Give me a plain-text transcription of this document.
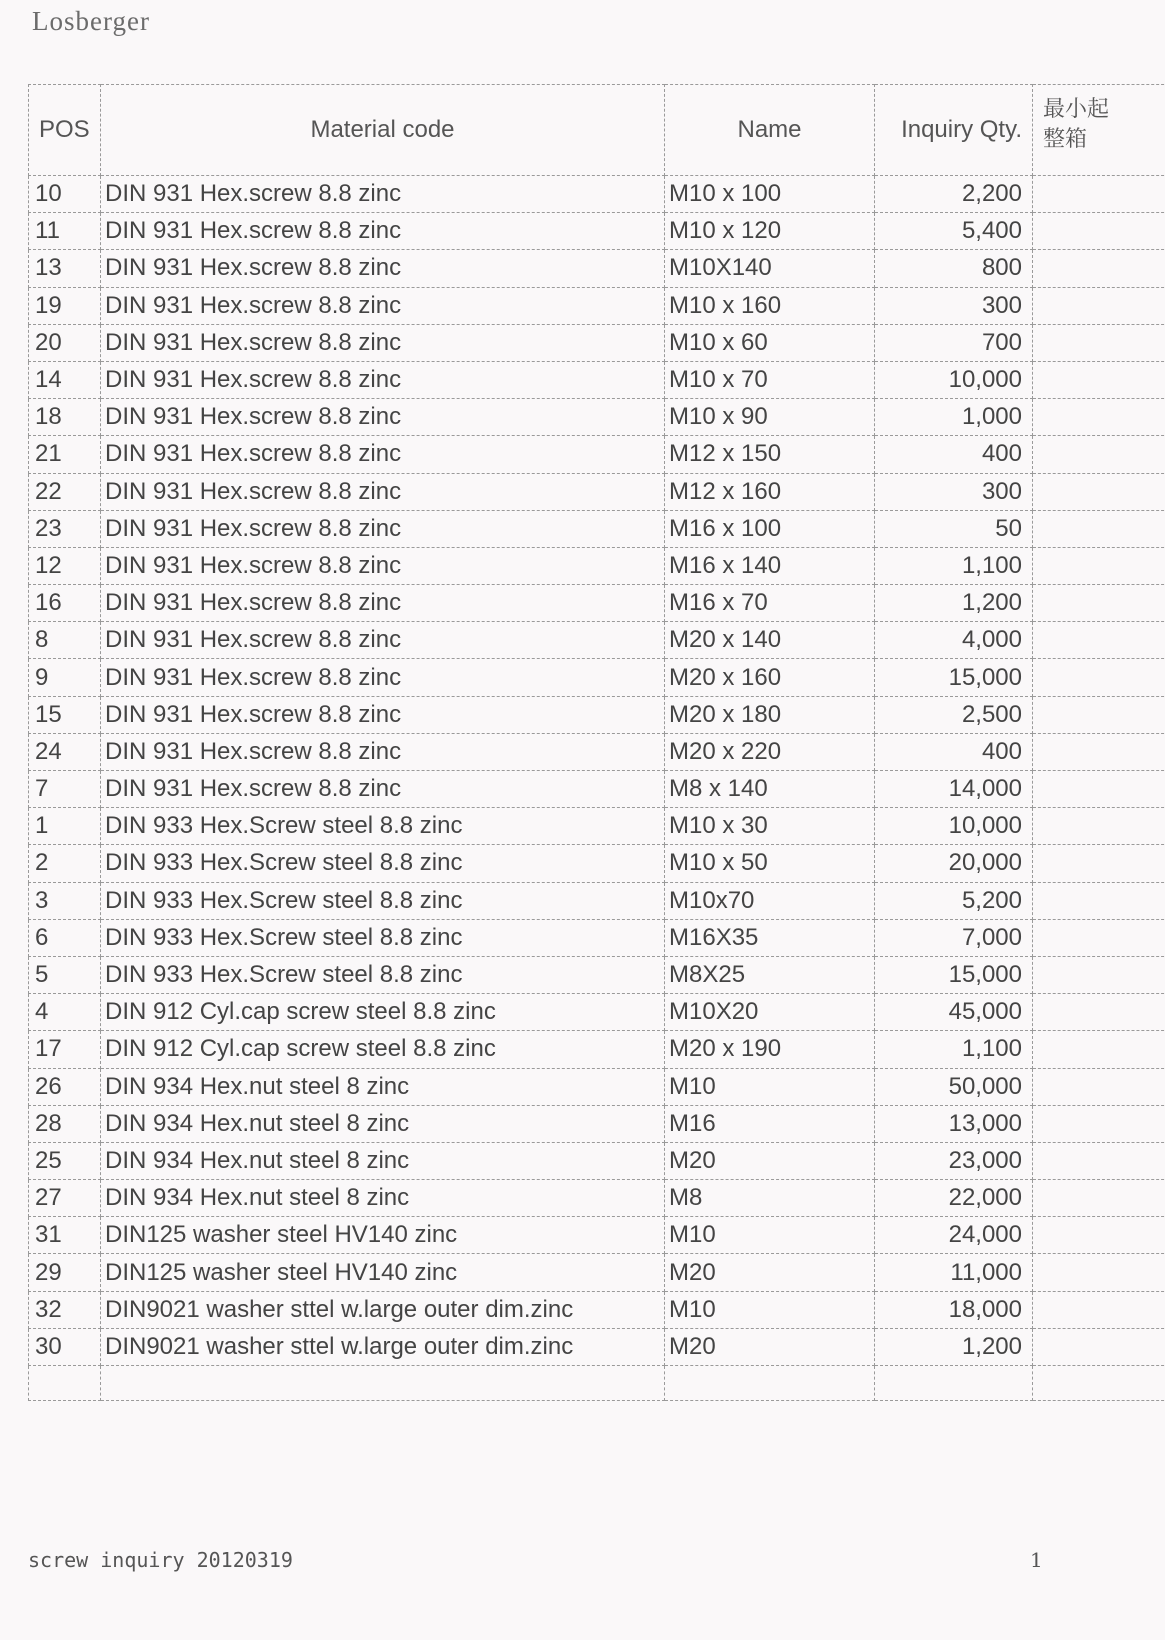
Losberger
POS	Material code	Name	Inquiry Qty.	最小起
整箱
10	DIN 931 Hex.screw 8.8 zinc	M10 x 100	2,200	
11	DIN 931 Hex.screw 8.8 zinc	M10 x 120	5,400	
13	DIN 931 Hex.screw 8.8 zinc	M10X140	800	
19	DIN 931 Hex.screw 8.8 zinc	M10 x 160	300	
20	DIN 931 Hex.screw 8.8 zinc	M10 x 60	700	
14	DIN 931 Hex.screw 8.8 zinc	M10 x 70	10,000	
18	DIN 931 Hex.screw 8.8 zinc	M10 x 90	1,000	
21	DIN 931 Hex.screw 8.8 zinc	M12 x 150	400	
22	DIN 931 Hex.screw 8.8 zinc	M12 x 160	300	
23	DIN 931 Hex.screw 8.8 zinc	M16 x 100	50	
12	DIN 931 Hex.screw 8.8 zinc	M16 x 140	1,100	
16	DIN 931 Hex.screw 8.8 zinc	M16 x 70	1,200	
8	DIN 931 Hex.screw 8.8 zinc	M20 x 140	4,000	
9	DIN 931 Hex.screw 8.8 zinc	M20 x 160	15,000	
15	DIN 931 Hex.screw 8.8 zinc	M20 x 180	2,500	
24	DIN 931 Hex.screw 8.8 zinc	M20 x 220	400	
7	DIN 931 Hex.screw 8.8 zinc	M8 x 140	14,000	
1	DIN 933 Hex.Screw steel 8.8 zinc	M10 x 30	10,000	
2	DIN 933 Hex.Screw steel 8.8 zinc	M10 x 50	20,000	
3	DIN 933 Hex.Screw steel 8.8 zinc	M10x70	5,200	
6	DIN 933 Hex.Screw steel 8.8 zinc	M16X35	7,000	
5	DIN 933 Hex.Screw steel 8.8 zinc	M8X25	15,000	
4	DIN 912 Cyl.cap screw steel 8.8 zinc	M10X20	45,000	
17	DIN 912 Cyl.cap screw steel 8.8 zinc	M20 x 190	1,100	
26	DIN 934 Hex.nut steel 8 zinc	M10	50,000	
28	DIN 934 Hex.nut steel 8 zinc	M16	13,000	
25	DIN 934 Hex.nut steel 8 zinc	M20	23,000	
27	DIN 934 Hex.nut steel 8 zinc	M8	22,000	
31	DIN125 washer steel HV140 zinc	M10	24,000	
29	DIN125 washer steel HV140 zinc	M20	11,000	
32	DIN9021 washer sttel w.large outer dim.zinc	M10	18,000	
30	DIN9021 washer sttel w.large outer dim.zinc	M20	1,200	

screw inquiry 20120319	1
